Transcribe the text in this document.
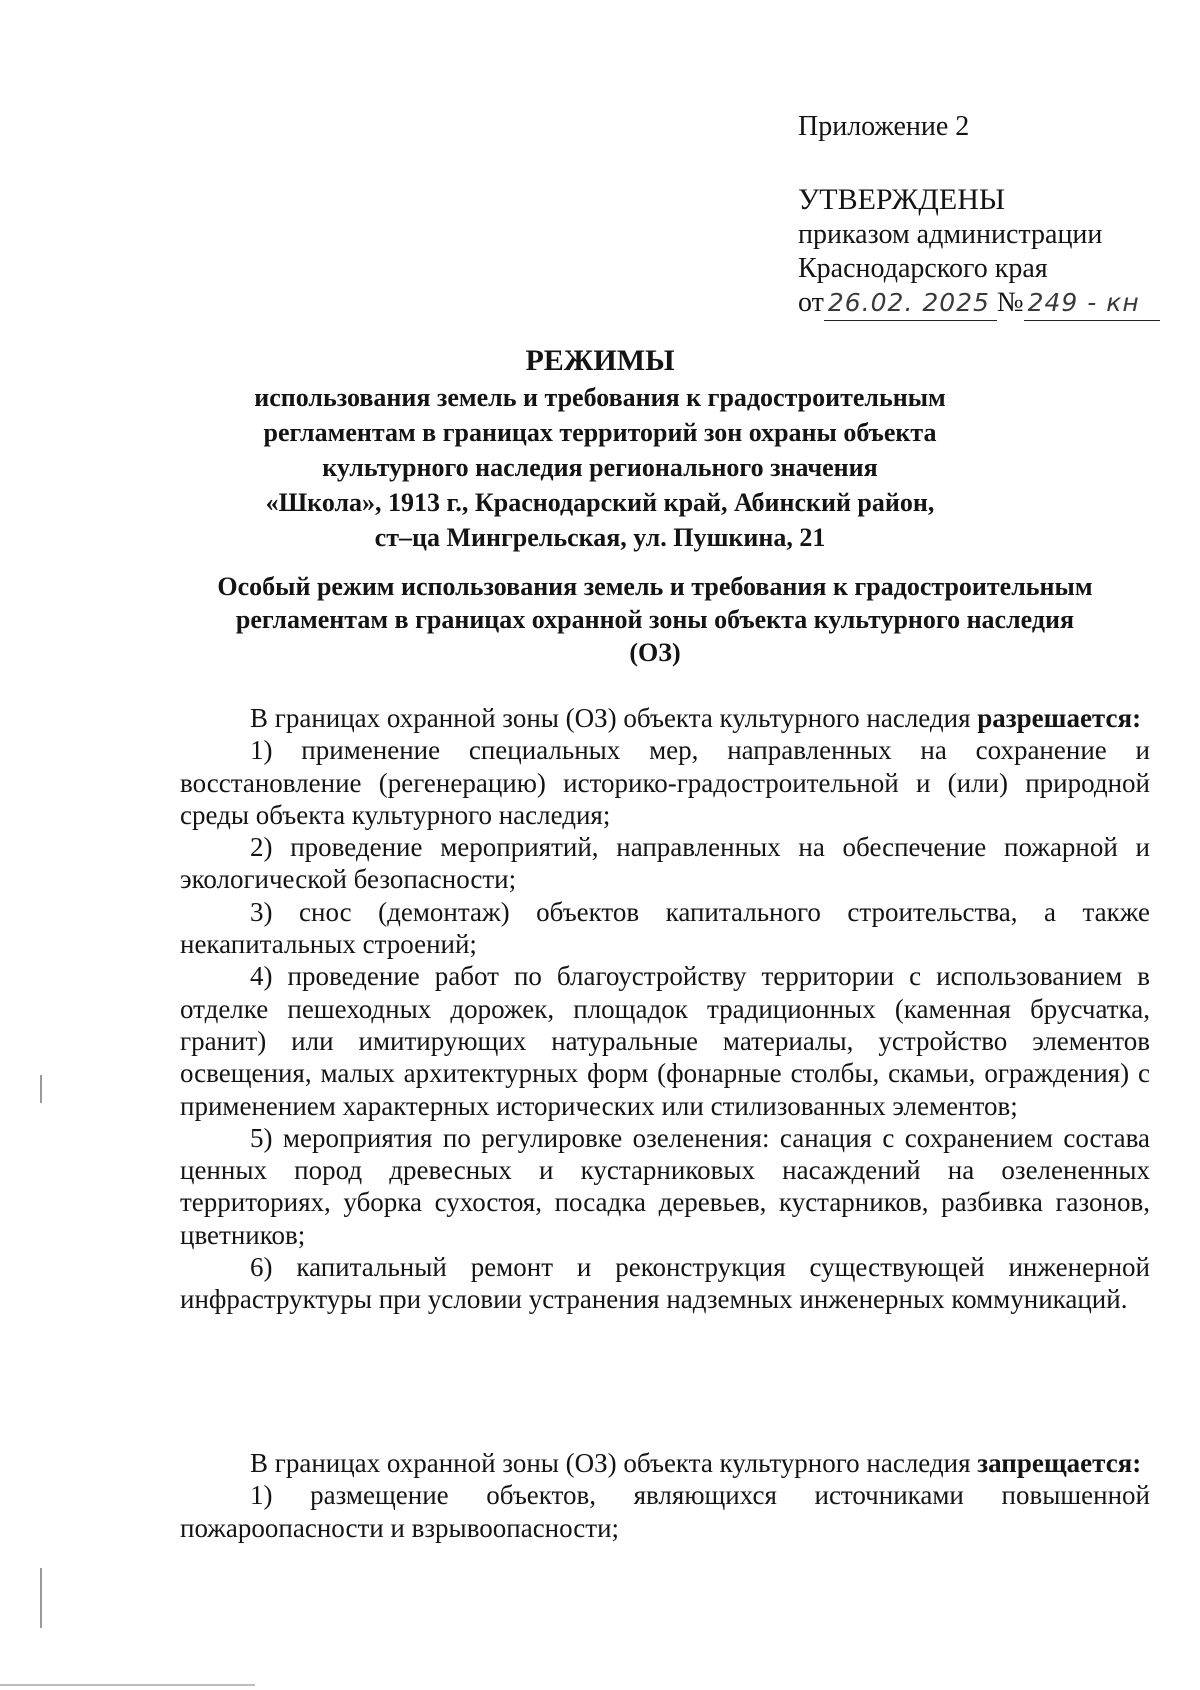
Приложение 2
УТВЕРЖДЕНЫ
приказом администрации
Краснодарского края
от 26.02. 2025 № 249 - кн
РЕЖИМЫ
использования земель и требования к градостроительным
регламентам в границах территорий зон охраны объекта
культурного наследия регионального значения
«Школа», 1913 г., Краснодарский край, Абинский район,
ст–ца Мингрельская, ул. Пушкина, 21
Особый режим использования земель и требования к градостроительным
регламентам в границах охранной зоны объекта культурного наследия
(ОЗ)

В границах охранной зоны (ОЗ) объекта культурного наследия разрешается:

1) применение специальных мер, направленных на сохранение и восстановление (регенерацию) историко-градостроительной и (или) природной среды объекта культурного наследия;

2) проведение мероприятий, направленных на обеспечение пожарной и экологической безопасности;

3) снос (демонтаж) объектов капитального строительства, а также некапитальных строений;

4) проведение работ по благоустройству территории с использованием в отделке пешеходных дорожек, площадок традиционных (каменная брусчатка, гранит) или имитирующих натуральные материалы, устройство элементов освещения, малых архитектурных форм (фонарные столбы, скамьи, ограждения) с применением характерных исторических или стилизованных элементов;

5) мероприятия по регулировке озеленения: санация с сохранением состава ценных пород древесных и кустарниковых насаждений на озелененных территориях, уборка сухостоя, посадка деревьев, кустарников, разбивка газонов, цветников;

6) капитальный ремонт и реконструкция существующей инженерной инфраструктуры при условии устранения надземных инженерных коммуникаций.

В границах охранной зоны (ОЗ) объекта культурного наследия запрещается:

1) размещение объектов, являющихся источниками повышенной пожароопасности и взрывоопасности;
